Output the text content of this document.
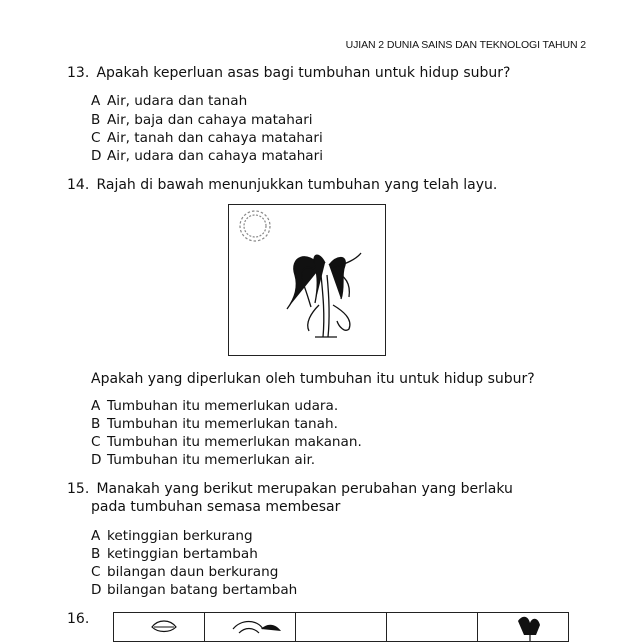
UJIAN 2 DUNIA SAINS DAN TEKNOLOGI TAHUN 2
13. Apakah keperluan asas bagi tumbuhan untuk hidup subur?
A Air, udara dan tanah
B Air, baja dan cahaya matahari
C Air, tanah dan cahaya matahari
D Air, udara dan cahaya matahari
14. Rajah di bawah menunjukkan tumbuhan yang telah layu.
Apakah yang diperlukan oleh tumbuhan itu untuk hidup subur?
A Tumbuhan itu memerlukan udara.
B Tumbuhan itu memerlukan tanah.
C Tumbuhan itu memerlukan makanan.
D Tumbuhan itu memerlukan air.
15. Manakah yang berikut merupakan perubahan yang berlaku
pada tumbuhan semasa membesar
A ketinggian berkurang
B ketinggian bertambah
C bilangan daun berkurang
D bilangan batang bertambah
16.
